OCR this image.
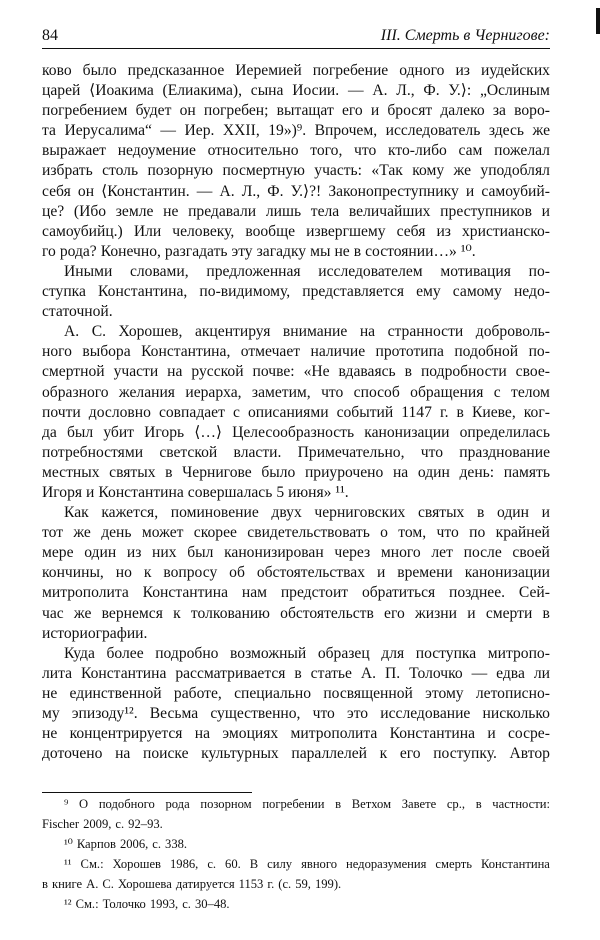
84	III. Смерть в Чернигове:
ково было предсказанное Иеремией погребение одного из иудейских
царей ⟨Иоакима (Елиакима), сына Иосии. — А. Л., Ф. У.⟩: „Ослиным
погребением будет он погребен; вытащат его и бросят далеко за воро-
та Иерусалима“ — Иер. XXII, 19»)⁹. Впрочем, исследователь здесь же
выражает недоумение относительно того, что кто-либо сам пожелал
избрать столь позорную посмертную участь: «Так кому же уподоблял
себя он ⟨Константин. — А. Л., Ф. У.⟩?! Законопреступнику и самоубий-
це? (Ибо земле не предавали лишь тела величайших преступников и
самоубийц.) Или человеку, вообще извергшему себя из христианско-
го рода? Конечно, разгадать эту загадку мы не в состоянии…» ¹⁰.
Иными словами, предложенная исследователем мотивация по-
ступка Константина, по-видимому, представляется ему самому недо-
статочной.
А. С. Хорошев, акцентируя внимание на странности доброволь-
ного выбора Константина, отмечает наличие прототипа подобной по-
смертной участи на русской почве: «Не вдаваясь в подробности свое-
образного желания иерарха, заметим, что способ обращения с телом
почти дословно совпадает с описаниями событий 1147 г. в Киеве, ког-
да был убит Игорь ⟨…⟩ Целесообразность канонизации определилась
потребностями светской власти. Примечательно, что празднование
местных святых в Чернигове было приурочено на один день: память
Игоря и Константина совершалась 5 июня» ¹¹.
Как кажется, поминовение двух черниговских святых в один и
тот же день может скорее свидетельствовать о том, что по крайней
мере один из них был канонизирован через много лет после своей
кончины, но к вопросу об обстоятельствах и времени канонизации
митрополита Константина нам предстоит обратиться позднее. Сей-
час же вернемся к толкованию обстоятельств его жизни и смерти в
историографии.
Куда более подробно возможный образец для поступка митропо-
лита Константина рассматривается в статье А. П. Толочко — едва ли
не единственной работе, специально посвященной этому летописно-
му эпизоду¹². Весьма существенно, что это исследование нисколько
не концентрируется на эмоциях митрополита Константина и сосре-
доточено на поиске культурных параллелей к его поступку. Автор
⁹ О подобного рода позорном погребении в Ветхом Завете ср., в частности:
Fischer 2009, с. 92–93.
¹⁰ Карпов 2006, с. 338.
¹¹ См.: Хорошев 1986, с. 60. В силу явного недоразумения смерть Константина
в книге А. С. Хорошева датируется 1153 г. (с. 59, 199).
¹² См.: Толочко 1993, с. 30–48.
